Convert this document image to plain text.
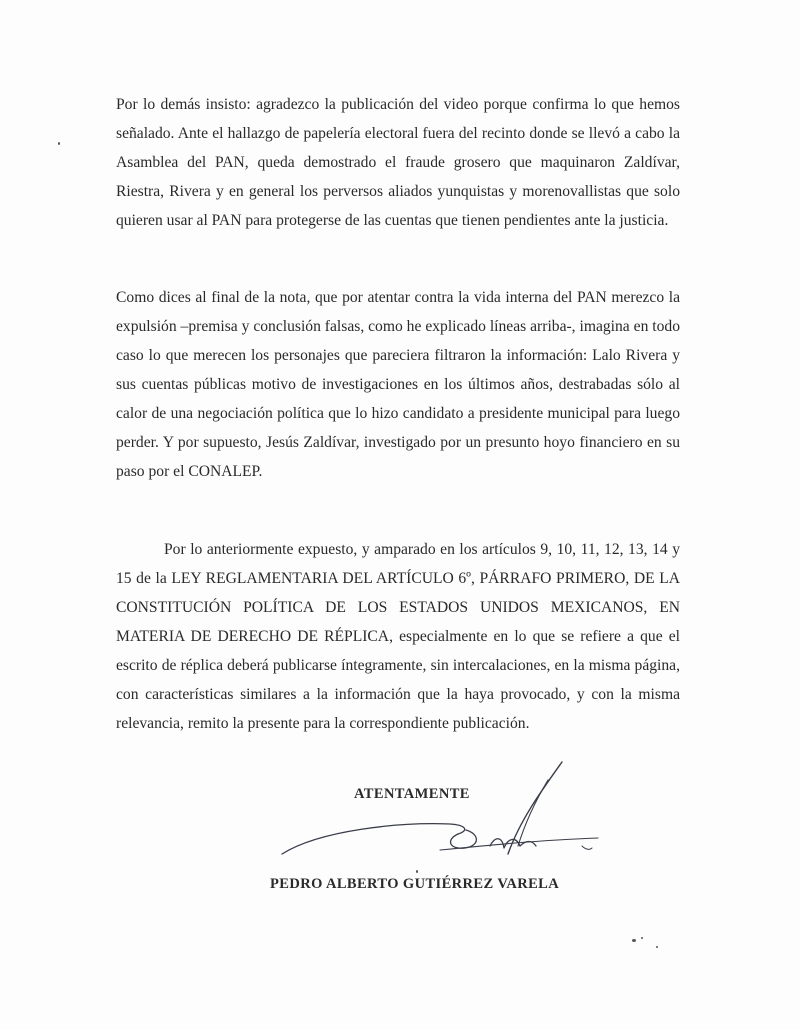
Por lo demás insisto: agradezco la publicación del video porque confirma lo que hemos señalado. Ante el hallazgo de papelería electoral fuera del recinto donde se llevó a cabo la Asamblea del PAN, queda demostrado el fraude grosero que maquinaron Zaldívar, Riestra, Rivera y en general los perversos aliados yunquistas y morenovallistas que solo quieren usar al PAN para protegerse de las cuentas que tienen pendientes ante la justicia.

Como dices al final de la nota, que por atentar contra la vida interna del PAN merezco la expulsión –premisa y conclusión falsas, como he explicado líneas arriba-, imagina en todo caso lo que merecen los personajes que pareciera filtraron la información: Lalo Rivera y sus cuentas públicas motivo de investigaciones en los últimos años, destrabadas sólo al calor de una negociación política que lo hizo candidato a presidente municipal para luego perder. Y por supuesto, Jesús Zaldívar, investigado por un presunto hoyo financiero en su paso por el CONALEP.

Por lo anteriormente expuesto, y amparado en los artículos 9, 10, 11, 12, 13, 14 y 15 de la LEY REGLAMENTARIA DEL ARTÍCULO 6º, PÁRRAFO PRIMERO, DE LA CONSTITUCIÓN POLÍTICA DE LOS ESTADOS UNIDOS MEXICANOS, EN MATERIA DE DERECHO DE RÉPLICA, especialmente en lo que se refiere a que el escrito de réplica deberá publicarse íntegramente, sin intercalaciones, en la misma página, con características similares a la información que la haya provocado, y con la misma relevancia, remito la presente para la correspondiente publicación.

ATENTAMENTE

PEDRO ALBERTO GUTIÉRREZ VARELA
